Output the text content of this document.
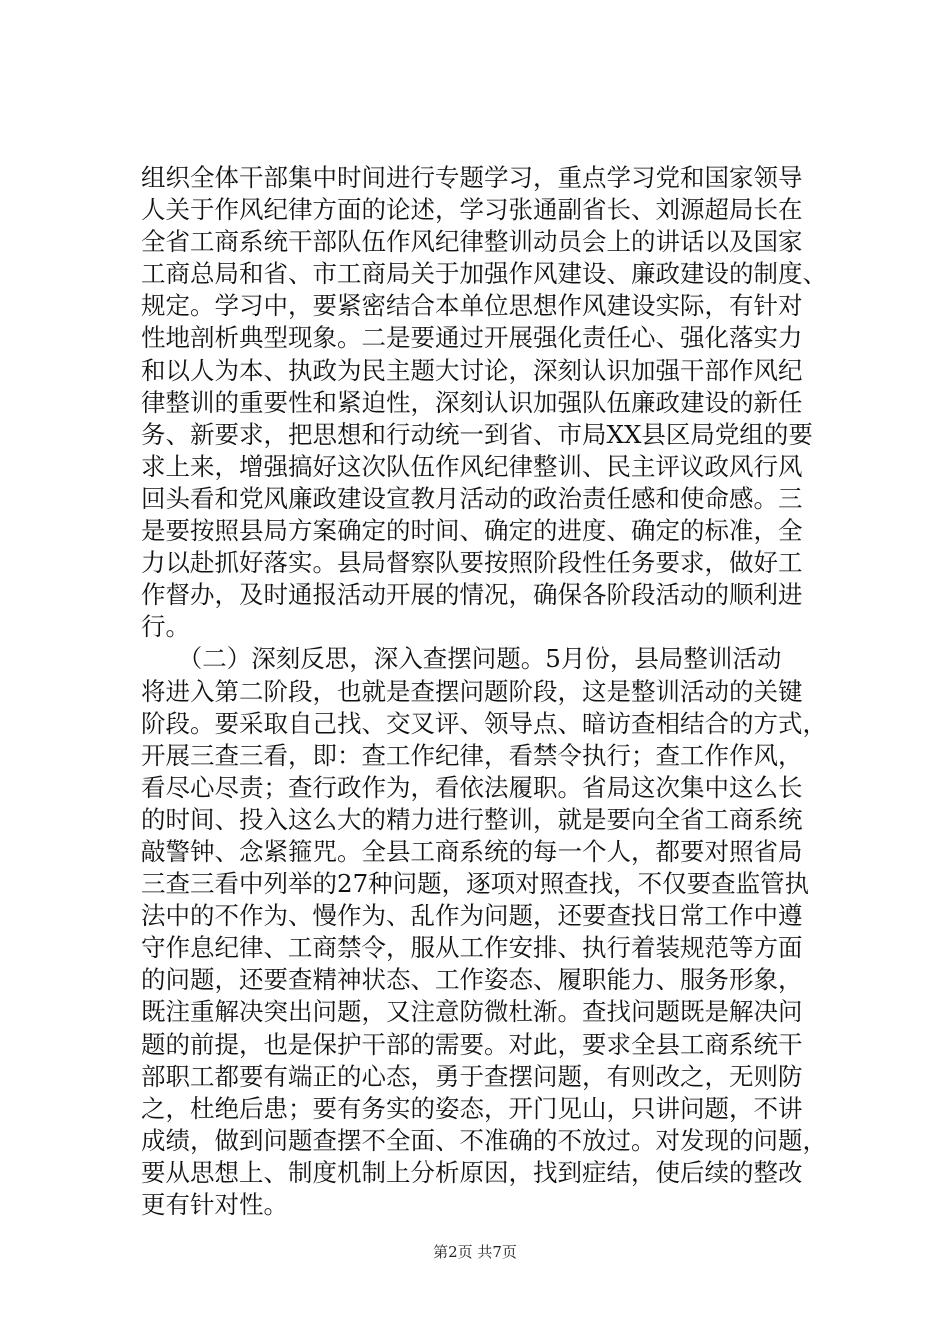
组织全体干部集中时间进行专题学习，重点学习党和国家领导
人关于作风纪律方面的论述，学习张通副省长、刘源超局长在
全省工商系统干部队伍作风纪律整训动员会上的讲话以及国家
工商总局和省、市工商局关于加强作风建设、廉政建设的制度、
规定。学习中，要紧密结合本单位思想作风建设实际，有针对
性地剖析典型现象。二是要通过开展强化责任心、强化落实力
和以人为本、执政为民主题大讨论，深刻认识加强干部作风纪
律整训的重要性和紧迫性，深刻认识加强队伍廉政建设的新任
务、新要求，把思想和行动统一到省、市局XX县区局党组的要
求上来，增强搞好这次队伍作风纪律整训、民主评议政风行风
回头看和党风廉政建设宣教月活动的政治责任感和使命感。三
是要按照县局方案确定的时间、确定的进度、确定的标准，全
力以赴抓好落实。县局督察队要按照阶段性任务要求，做好工
作督办，及时通报活动开展的情况，确保各阶段活动的顺利进
行。
　　（二）深刻反思，深入查摆问题。5月份，县局整训活动
将进入第二阶段，也就是查摆问题阶段，这是整训活动的关键
阶段。要采取自己找、交叉评、领导点、暗访查相结合的方式，
开展三查三看，即：查工作纪律，看禁令执行；查工作作风，
看尽心尽责；查行政作为，看依法履职。省局这次集中这么长
的时间、投入这么大的精力进行整训，就是要向全省工商系统
敲警钟、念紧箍咒。全县工商系统的每一个人，都要对照省局
三查三看中列举的27种问题，逐项对照查找，不仅要查监管执
法中的不作为、慢作为、乱作为问题，还要查找日常工作中遵
守作息纪律、工商禁令，服从工作安排、执行着装规范等方面
的问题，还要查精神状态、工作姿态、履职能力、服务形象，
既注重解决突出问题，又注意防微杜渐。查找问题既是解决问
题的前提，也是保护干部的需要。对此，要求全县工商系统干
部职工都要有端正的心态，勇于查摆问题，有则改之，无则防
之，杜绝后患；要有务实的姿态，开门见山，只讲问题，不讲
成绩，做到问题查摆不全面、不准确的不放过。对发现的问题，
要从思想上、制度机制上分析原因，找到症结，使后续的整改
更有针对性。
第2页 共7页
